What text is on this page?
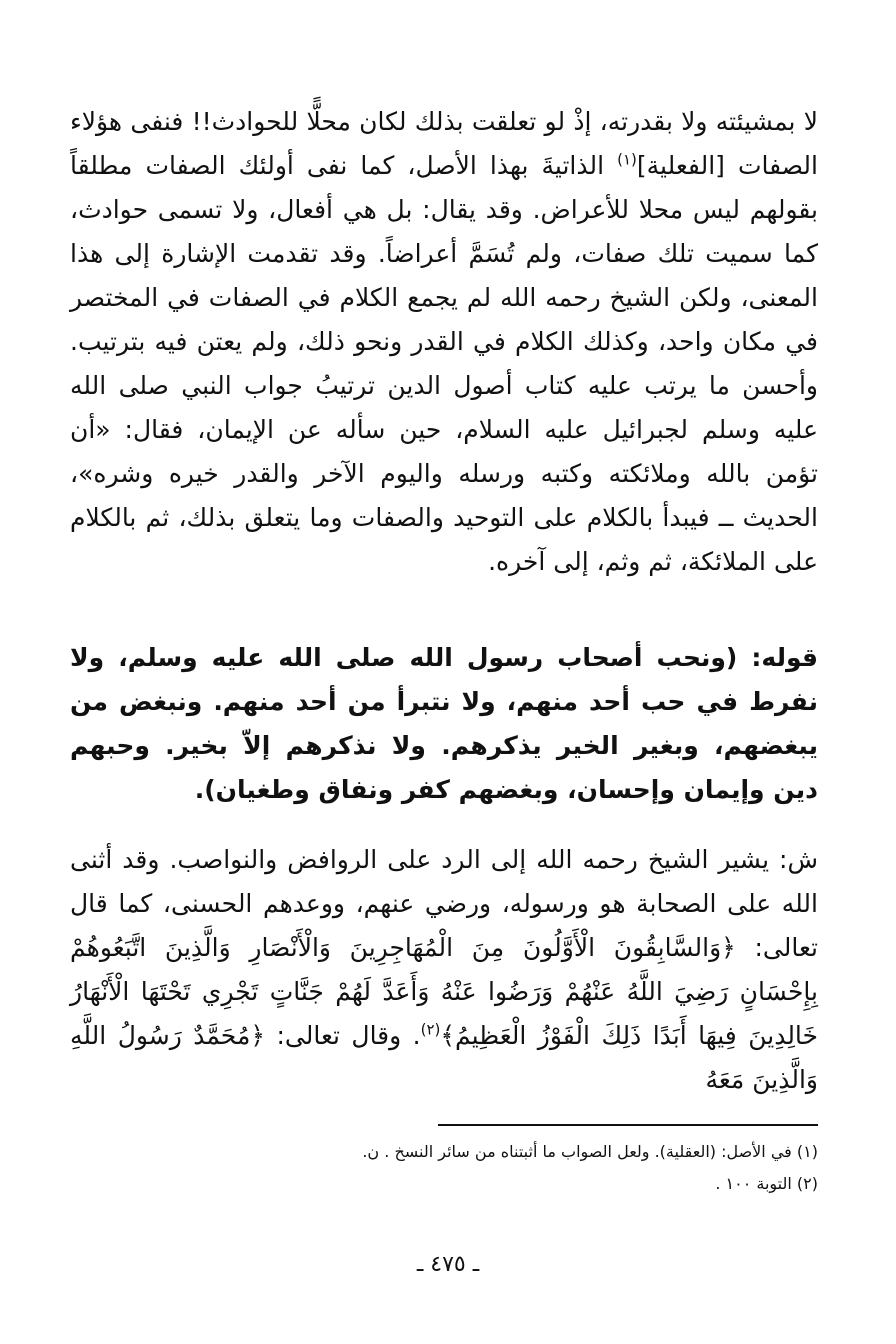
لا بمشيئته ولا بقدرته، إذْ لو تعلقت بذلك لكان محلًّا للحوادث!! فنفى هؤلاء الصفات [الفعلية]$^{(١)}$ الذاتيةَ بهذا الأصل، كما نفى أولئك الصفات مطلقاً بقولهم ليس محلا للأعراض. وقد يقال: بل هي أفعال، ولا تسمى حوادث، كما سميت تلك صفات، ولم تُسَمَّ أعراضاً. وقد تقدمت الإشارة إلى هذا المعنى، ولكن الشيخ رحمه الله لم يجمع الكلام في الصفات في المختصر في مكان واحد، وكذلك الكلام في القدر ونحو ذلك، ولم يعتن فيه بترتيب. وأحسن ما يرتب عليه كتاب أصول الدين ترتيبُ جواب النبي صلى الله عليه وسلم لجبرائيل عليه السلام، حين سأله عن الإيمان، فقال: «أن تؤمن بالله وملائكته وكتبه ورسله واليوم الآخر والقدر خيره وشره»، الحديث ــ فيبدأ بالكلام على التوحيد والصفات وما يتعلق بذلك، ثم بالكلام على الملائكة، ثم وثم، إلى آخره.

قوله: (ونحب أصحاب رسول الله صلى الله عليه وسلم، ولا نفرط في حب أحد منهم، ولا نتبرأ من أحد منهم. ونبغض من يبغضهم، وبغير الخير يذكرهم. ولا نذكرهم إلاّ بخير. وحبهم دين وإيمان وإحسان، وبغضهم كفر ونفاق وطغيان).

ش: يشير الشيخ رحمه الله إلى الرد على الروافض والنواصب. وقد أثنى الله على الصحابة هو ورسوله، ورضي عنهم، ووعدهم الحسنى، كما قال تعالى: ﴿وَالسَّابِقُونَ الْأَوَّلُونَ مِنَ الْمُهَاجِرِينَ وَالْأَنْصَارِ وَالَّذِينَ اتَّبَعُوهُمْ بِإِحْسَانٍ رَضِيَ اللَّهُ عَنْهُمْ وَرَضُوا عَنْهُ وَأَعَدَّ لَهُمْ جَنَّاتٍ تَجْرِي تَحْتَهَا الْأَنْهَارُ خَالِدِينَ فِيهَا أَبَدًا ذَلِكَ الْفَوْزُ الْعَظِيمُ﴾$^{(٢)}$. وقال تعالى: ﴿مُحَمَّدٌ رَسُولُ اللَّهِ وَالَّذِينَ مَعَهُ

(١) في الأصل: (العقلية). ولعل الصواب ما أثبتناه من سائر النسخ . ن.
(٢) التوبة ١٠٠ .
ـ ٤٧٥ ـ
